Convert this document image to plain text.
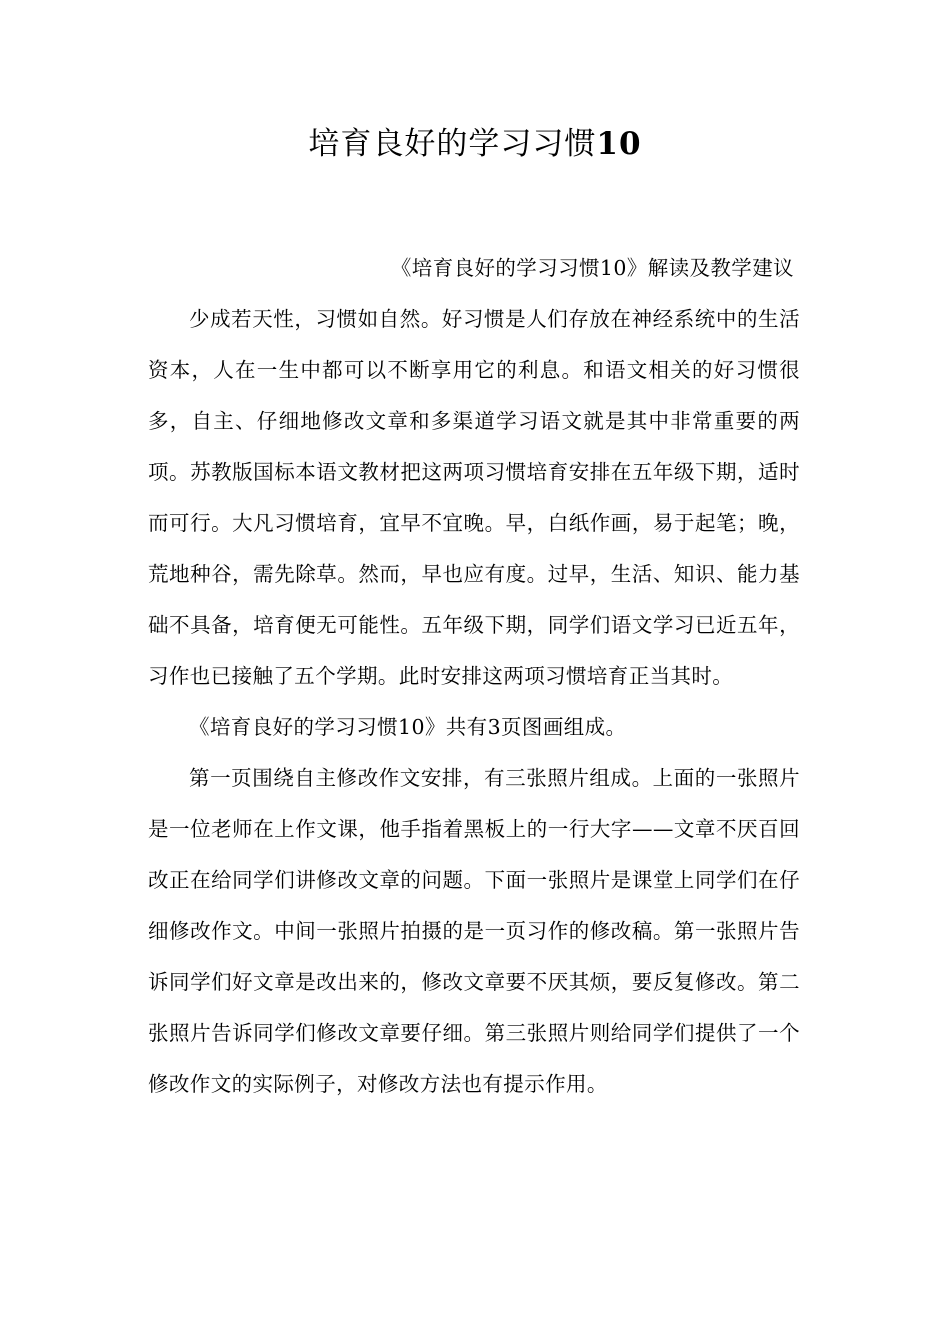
培育良好的学习习惯10

《培育良好的学习习惯10》解读及教学建议

少成若天性，习惯如自然。好习惯是人们存放在神经系统中的生活资本，人在一生中都可以不断享用它的利息。和语文相关的好习惯很多，自主、仔细地修改文章和多渠道学习语文就是其中非常重要的两项。苏教版国标本语文教材把这两项习惯培育安排在五年级下期，适时而可行。大凡习惯培育，宜早不宜晚。早，白纸作画，易于起笔；晚，荒地种谷，需先除草。然而，早也应有度。过早，生活、知识、能力基础不具备，培育便无可能性。五年级下期，同学们语文学习已近五年，习作也已接触了五个学期。此时安排这两项习惯培育正当其时。

《培育良好的学习习惯10》共有3页图画组成。

第一页围绕自主修改作文安排，有三张照片组成。上面的一张照片是一位老师在上作文课，他手指着黑板上的一行大字——文章不厌百回改正在给同学们讲修改文章的问题。下面一张照片是课堂上同学们在仔细修改作文。中间一张照片拍摄的是一页习作的修改稿。第一张照片告诉同学们好文章是改出来的，修改文章要不厌其烦，要反复修改。第二张照片告诉同学们修改文章要仔细。第三张照片则给同学们提供了一个修改作文的实际例子，对修改方法也有提示作用。
